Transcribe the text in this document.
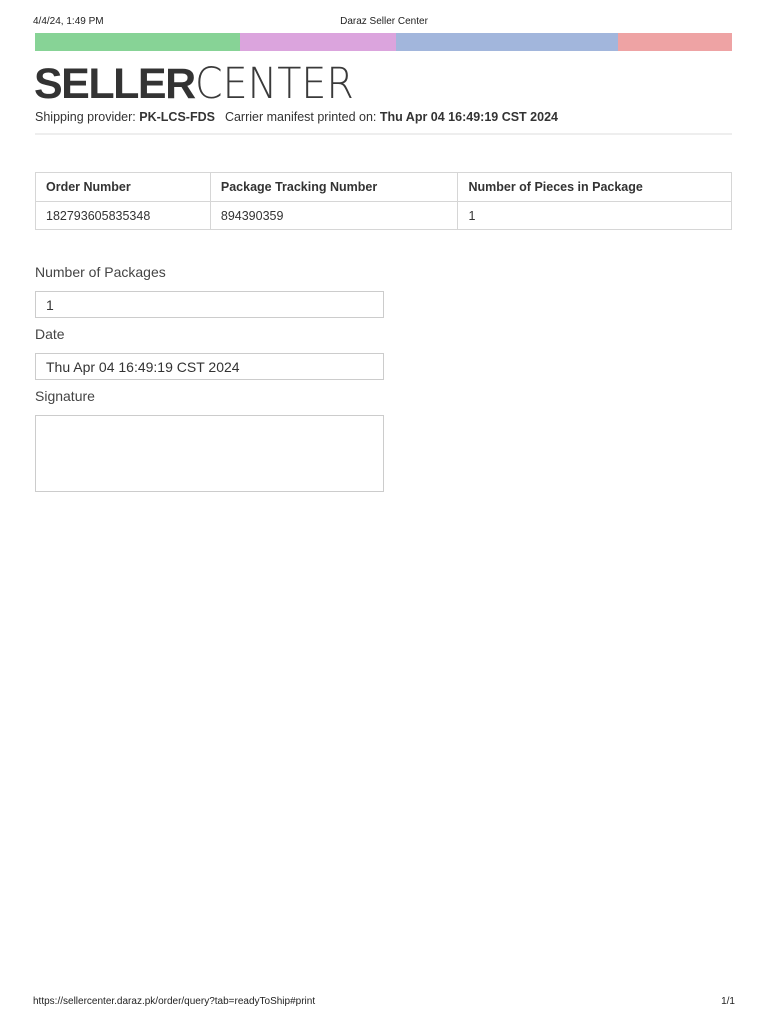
4/4/24, 1:49 PM	Daraz Seller Center
SELLER CENTER
Shipping provider: PK-LCS-FDS Carrier manifest printed on: Thu Apr 04 16:49:19 CST 2024
Order Number	Package Tracking Number	Number of Pieces in Package
182793605835348	894390359	1
Number of Packages
1
Date
Thu Apr 04 16:49:19 CST 2024
Signature
https://sellercenter.daraz.pk/order/query?tab=readyToShip#print	1/1
